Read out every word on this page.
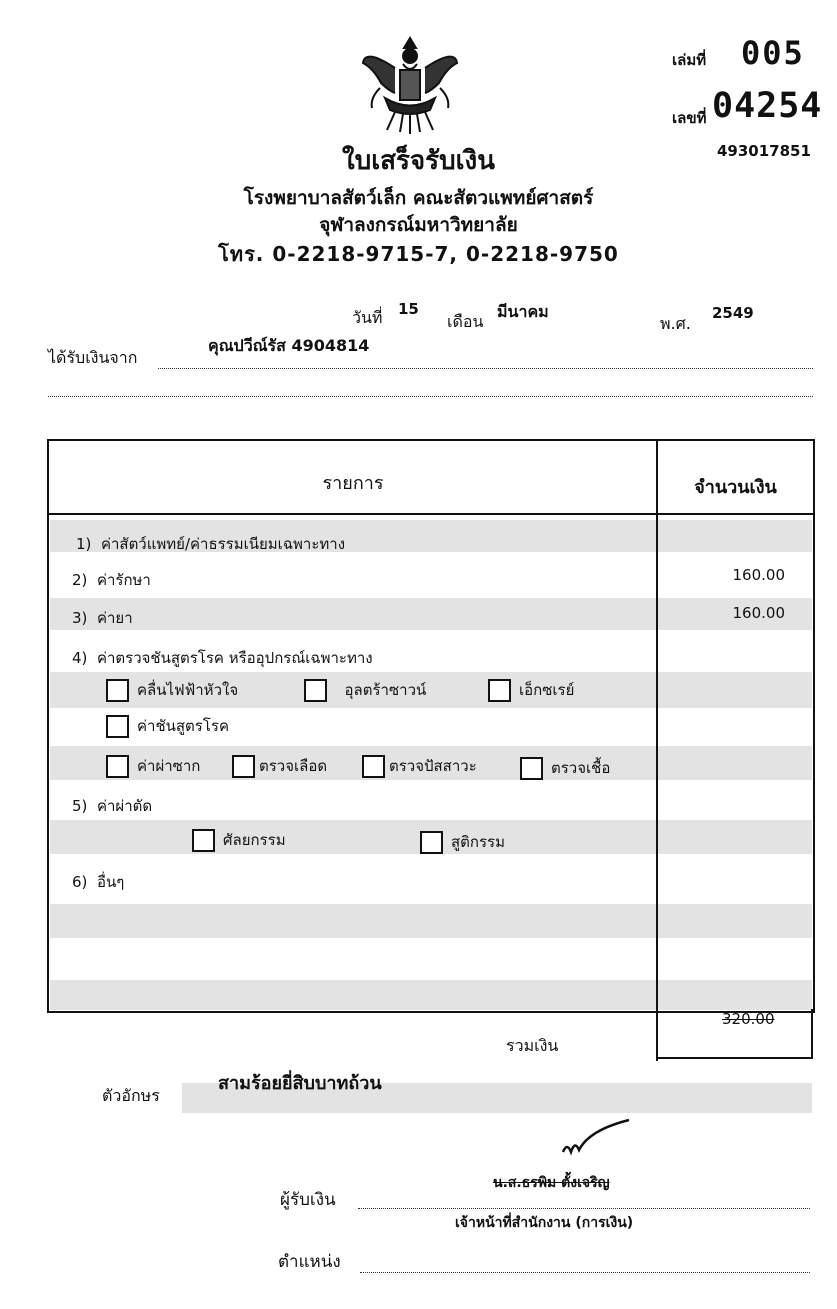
เล่มที่ 005
เลขที่ 04254
493017851
ใบเสร็จรับเงิน
โรงพยาบาลสัตว์เล็ก คณะสัตวแพทย์ศาสตร์
จุฬาลงกรณ์มหาวิทยาลัย
โทร. 0-2218-9715-7, 0-2218-9750
วันที่ 15
เดือน
มีนาคม
พ.ศ.
2549
ได้รับเงินจาก
คุณปวีณ์รัส 4904814
รายการ	จำนวนเงิน
1) ค่าสัตว์แพทย์/ค่าธรรมเนียมเฉพาะทาง
2) ค่ารักษา	160.00
3) ค่ายา	160.00
4) ค่าตรวจชันสูตรโรค หรืออุปกรณ์เฉพาะทาง
คลื่นไฟฟ้าหัวใจ	อุลตร้าซาวน์	เอ็กซเรย์
ค่าชันสูตรโรค
ค่าผ่าซาก	ตรวจเลือด	ตรวจปัสสาวะ	ตรวจเชื้อ
5) ค่าผ่าตัด
ศัลยกรรม	สูติกรรม
6) อื่นๆ
รวมเงิน
320.00
ตัวอักษร
สามร้อยยี่สิบบาทถ้วน
ผู้รับเงิน
น.ส.ธรพิม ตั้งเจริญ
เจ้าหน้าที่สำนักงาน (การเงิน)
ตำแหน่ง
